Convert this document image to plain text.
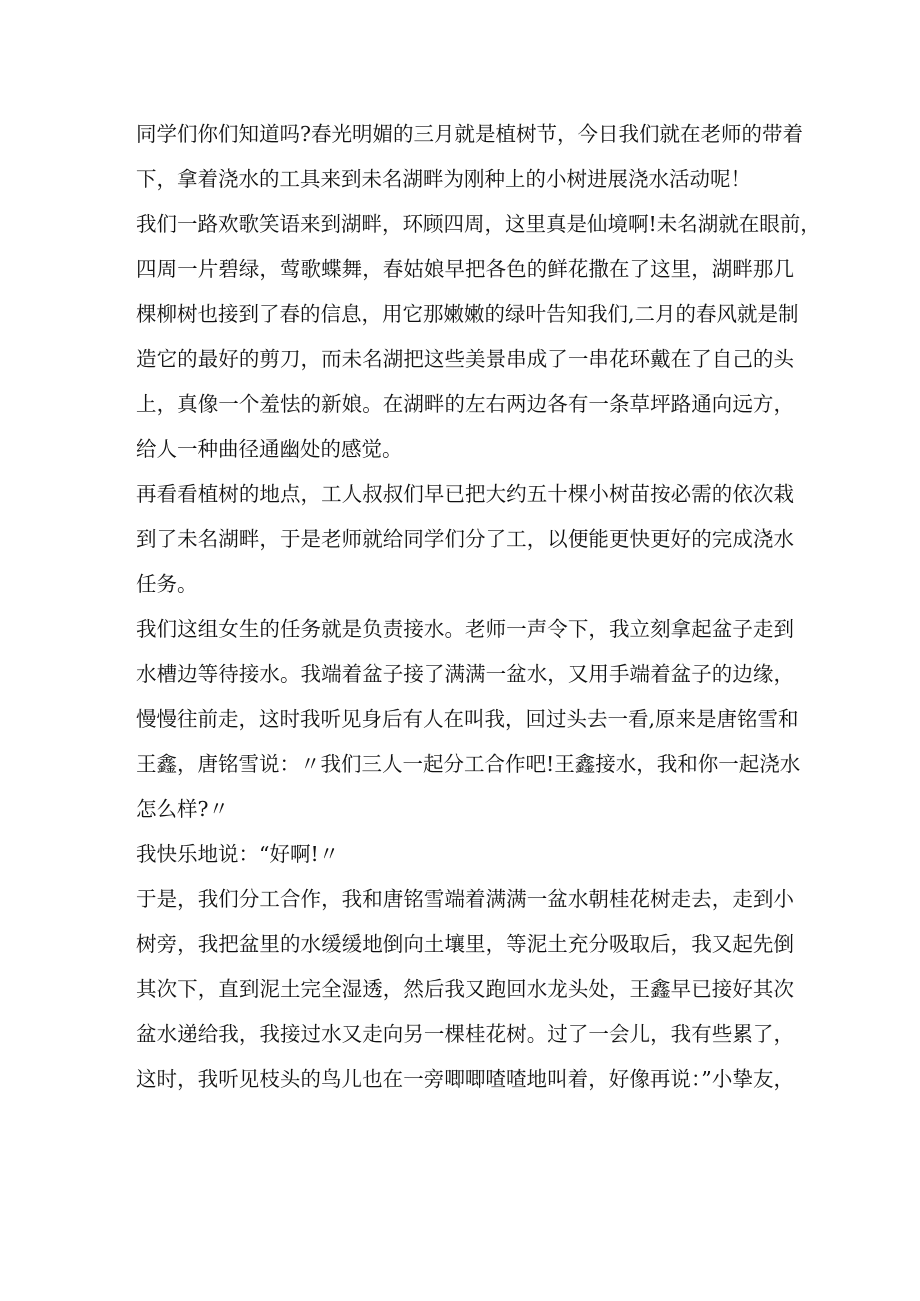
同学们你们知道吗?春光明媚的三月就是植树节，今日我们就在老师的带着
下，拿着浇水的工具来到未名湖畔为刚种上的小树进展浇水活动呢！
我们一路欢歌笑语来到湖畔，环顾四周，这里真是仙境啊!未名湖就在眼前，
四周一片碧绿，莺歌蝶舞，春姑娘早把各色的鲜花撒在了这里，湖畔那几
棵柳树也接到了春的信息，用它那嫩嫩的绿叶告知我们,二月的春风就是制
造它的最好的剪刀，而未名湖把这些美景串成了一串花环戴在了自己的头
上，真像一个羞怯的新娘。在湖畔的左右两边各有一条草坪路通向远方，
给人一种曲径通幽处的感觉。
再看看植树的地点，工人叔叔们早已把大约五十棵小树苗按必需的依次栽
到了未名湖畔，于是老师就给同学们分了工，以便能更快更好的完成浇水
任务。
我们这组女生的任务就是负责接水。老师一声令下，我立刻拿起盆子走到
水槽边等待接水。我端着盆子接了满满一盆水，又用手端着盆子的边缘，
慢慢往前走，这时我听见身后有人在叫我，回过头去一看,原来是唐铭雪和
王鑫，唐铭雪说：〃我们三人一起分工合作吧!王鑫接水，我和你一起浇水
怎么样?〃
我快乐地说：“好啊!〃
于是，我们分工合作，我和唐铭雪端着满满一盆水朝桂花树走去，走到小
树旁，我把盆里的水缓缓地倒向土壤里，等泥土充分吸取后，我又起先倒
其次下，直到泥土完全湿透，然后我又跑回水龙头处，王鑫早已接好其次
盆水递给我，我接过水又走向另一棵桂花树。过了一会儿，我有些累了，
这时，我听见枝头的鸟儿也在一旁唧唧喳喳地叫着，好像再说：”小挚友，
